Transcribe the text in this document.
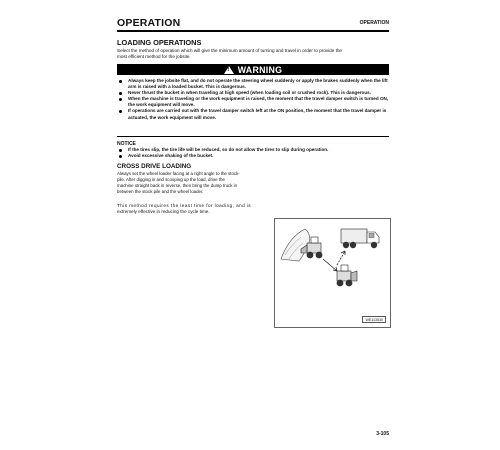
OPERATION	OPERATION
LOADING OPERATIONS
Select the method of operation which will give the minimum amount of turning and travel in order to provide the
most efficient method for the jobsite.
!
WARNING
Always keep the jobsite flat, and do not operate the steering wheel suddenly or apply the brakes suddenly when the lift arm is raised with a loaded bucket. This is dangerous.
Never thrust the bucket in when traveling at high speed (when loading soil or crushed rock). This is dangerous.
When the machine is traveling or the work equipment is raised, the moment that the travel damper switch is turned ON, the work equipment will move.
If operations are carried out with the travel damper switch left at the ON position, the moment that the travel damper is actuated, the work equipment will move.
NOTICE
If the tires slip, the tire life will be reduced, so do not allow the tires to slip during operation.
Avoid excessive shaking of the bucket.
CROSS DRIVE LOADING
Always set the wheel loader facing at a right angle to the stock-
pile. After digging in and scooping up the load, drive the
machine straight back in reverse, then bring the dump truck in
between the stock pile and the wheel loader.
This method requires the least time for loading, and is
extremely effective in reducing the cycle time.
WE113530
3-105
